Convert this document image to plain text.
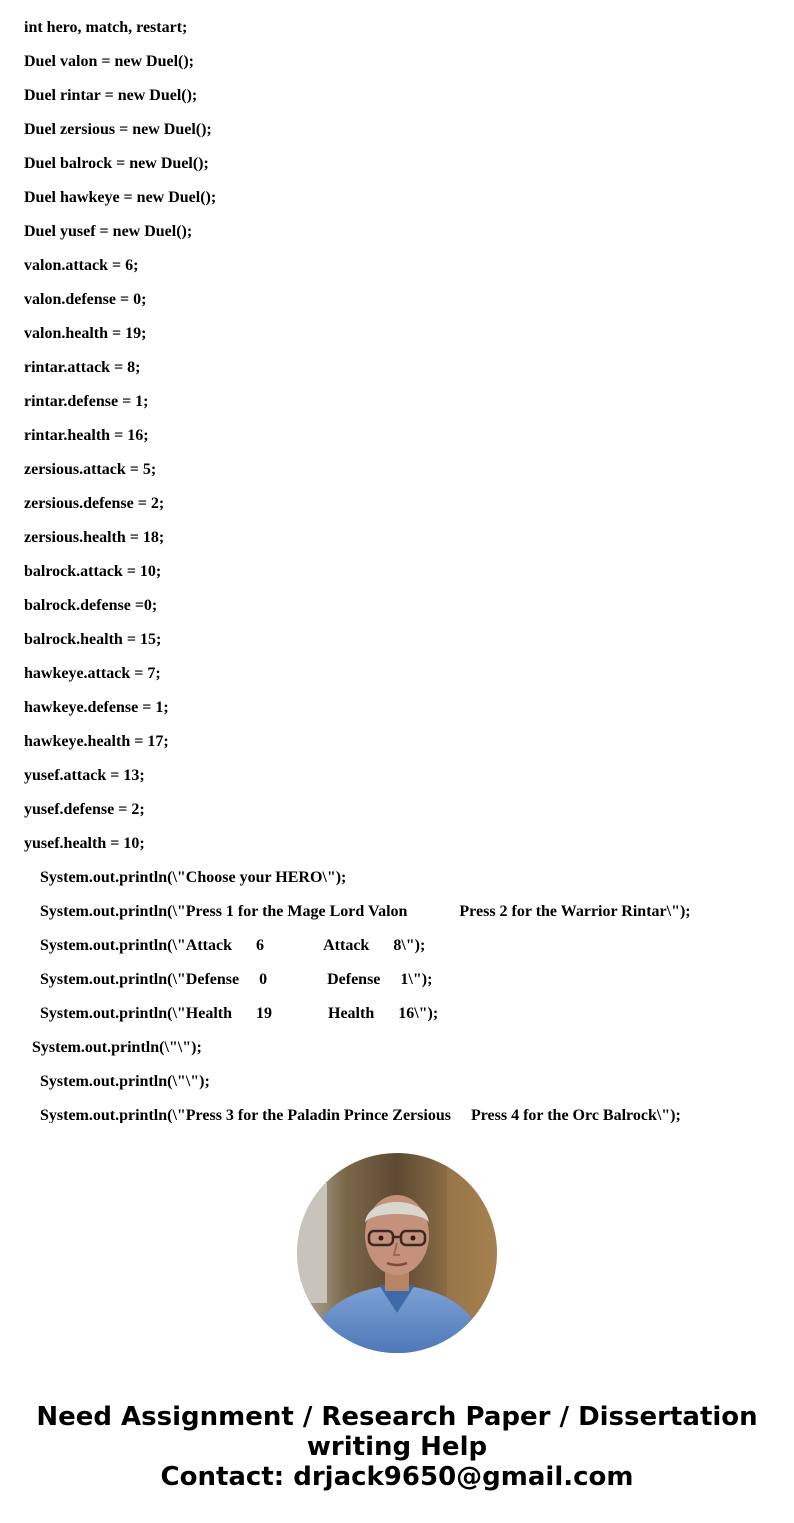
int hero, match, restart;
Duel valon = new Duel();
Duel rintar = new Duel();
Duel zersious = new Duel();
Duel balrock = new Duel();
Duel hawkeye = new Duel();
Duel yusef = new Duel();
valon.attack = 6;
valon.defense = 0;
valon.health = 19;
rintar.attack = 8;
rintar.defense = 1;
rintar.health = 16;
zersious.attack = 5;
zersious.defense = 2;
zersious.health = 18;
balrock.attack = 10;
balrock.defense =0;
balrock.health = 15;
hawkeye.attack = 7;
hawkeye.defense = 1;
hawkeye.health = 17;
yusef.attack = 13;
yusef.defense = 2;
yusef.health = 10;
System.out.println(\"Choose your HERO\");
System.out.println(\"Press 1 for the Mage Lord Valon             Press 2 for the Warrior Rintar\");
System.out.println(\"Attack      6               Attack      8\");
System.out.println(\"Defense     0               Defense     1\");
System.out.println(\"Health      19              Health      16\");
System.out.println(\"\");
System.out.println(\"\");
System.out.println(\"Press 3 for the Paladin Prince Zersious     Press 4 for the Orc Balrock\");
Need Assignment / Research Paper / Dissertation
writing Help
Contact: drjack9650@gmail.com
